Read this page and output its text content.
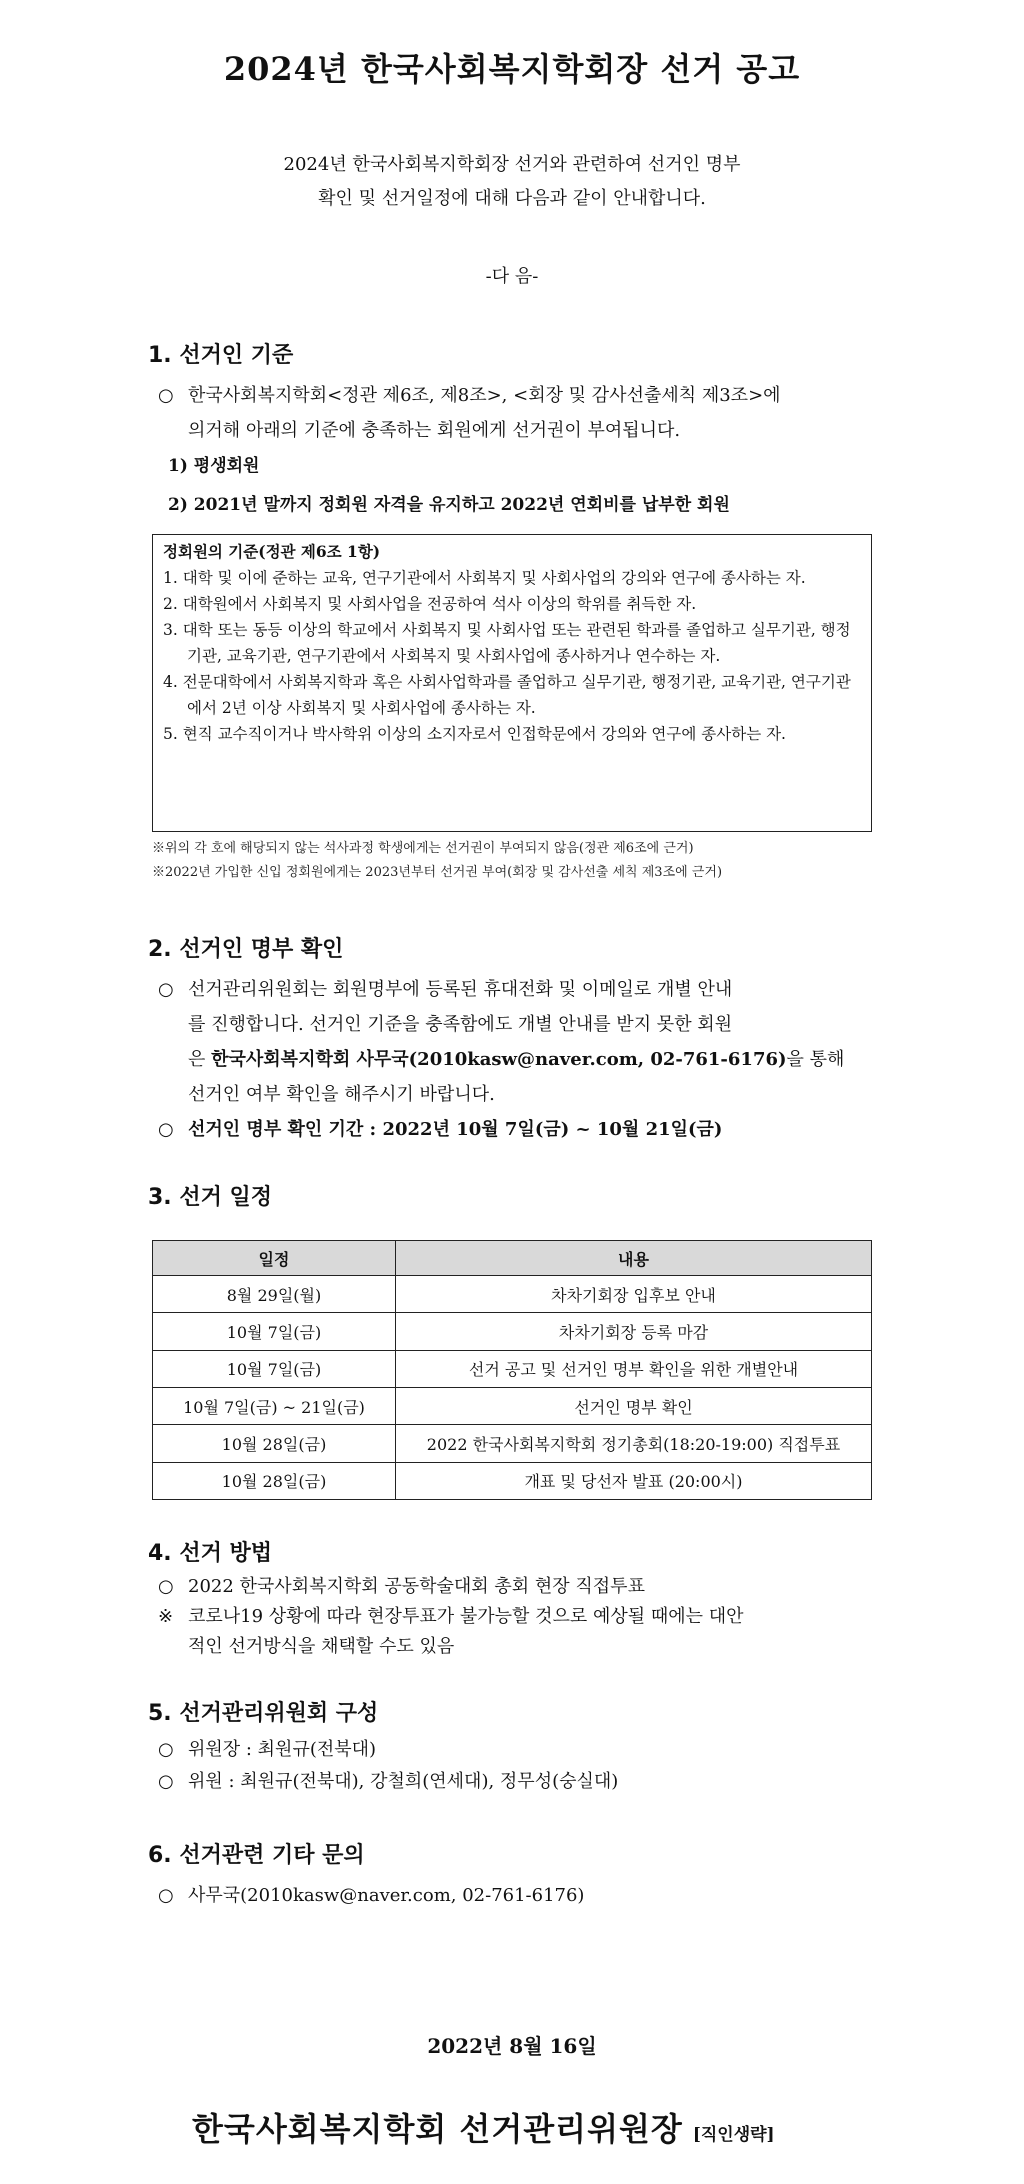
2024년 한국사회복지학회장 선거 공고
2024년 한국사회복지학회장 선거와 관련하여 선거인 명부
확인 및 선거일정에 대해 다음과 같이 안내합니다.
-다 음-
1. 선거인 기준
○ 한국사회복지학회<정관 제6조, 제8조>, <회장 및 감사선출세칙 제3조>에
의거해 아래의 기준에 충족하는 회원에게 선거권이 부여됩니다.
1) 평생회원
2) 2021년 말까지 정회원 자격을 유지하고 2022년 연회비를 납부한 회원
정회원의 기준(정관 제6조 1항)
1. 대학 및 이에 준하는 교육, 연구기관에서 사회복지 및 사회사업의 강의와 연구에 종사하는 자.
2. 대학원에서 사회복지 및 사회사업을 전공하여 석사 이상의 학위를 취득한 자.
3. 대학 또는 동등 이상의 학교에서 사회복지 및 사회사업 또는 관련된 학과를 졸업하고 실무기관, 행정기관, 교육기관, 연구기관에서 사회복지 및 사회사업에 종사하거나 연수하는 자.
4. 전문대학에서 사회복지학과 혹은 사회사업학과를 졸업하고 실무기관, 행정기관, 교육기관, 연구기관에서 2년 이상 사회복지 및 사회사업에 종사하는 자.
5. 현직 교수직이거나 박사학위 이상의 소지자로서 인접학문에서 강의와 연구에 종사하는 자.
※위의 각 호에 해당되지 않는 석사과정 학생에게는 선거권이 부여되지 않음(정관 제6조에 근거)
※2022년 가입한 신입 정회원에게는 2023년부터 선거권 부여(회장 및 감사선출 세칙 제3조에 근거)
2. 선거인 명부 확인
○ 선거관리위원회는 회원명부에 등록된 휴대전화 및 이메일로 개별 안내
를 진행합니다. 선거인 기준을 충족함에도 개별 안내를 받지 못한 회원
은 한국사회복지학회 사무국(2010kasw@naver.com, 02-761-6176)을 통해
선거인 여부 확인을 해주시기 바랍니다.
○ 선거인 명부 확인 기간 : 2022년 10월 7일(금) ~ 10월 21일(금)
3. 선거 일정
일정	내용
8월 29일(월)	차차기회장 입후보 안내
10월 7일(금)	차차기회장 등록 마감
10월 7일(금)	선거 공고 및 선거인 명부 확인을 위한 개별안내
10월 7일(금) ~ 21일(금)	선거인 명부 확인
10월 28일(금)	2022 한국사회복지학회 정기총회(18:20-19:00) 직접투표
10월 28일(금)	개표 및 당선자 발표 (20:00시)
4. 선거 방법
○ 2022 한국사회복지학회 공동학술대회 총회 현장 직접투표
※ 코로나19 상황에 따라 현장투표가 불가능할 것으로 예상될 때에는 대안
적인 선거방식을 채택할 수도 있음
5. 선거관리위원회 구성
○ 위원장 : 최원규(전북대)
○ 위원 : 최원규(전북대), 강철희(연세대), 정무성(숭실대)
6. 선거관련 기타 문의
○ 사무국(2010kasw@naver.com, 02-761-6176)
2022년 8월 16일
한국사회복지학회 선거관리위원장 [직인생략]
